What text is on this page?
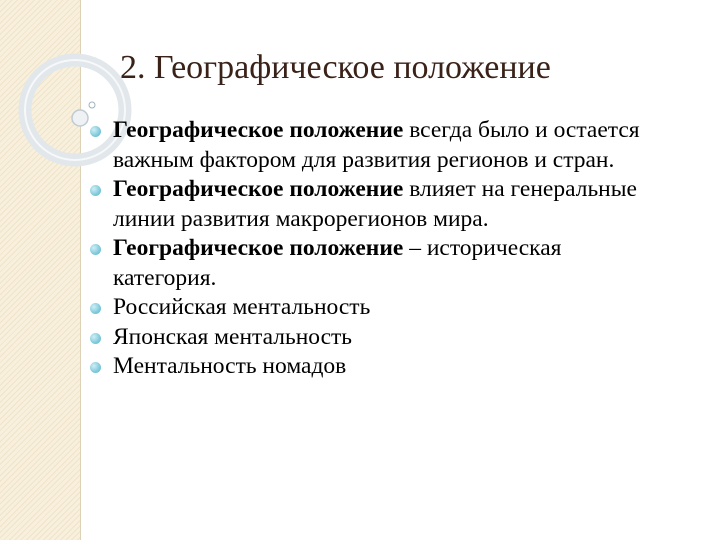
2. Географическое положение
Географическое положение всегда было и остается важным фактором для развития регионов и стран.
Географическое положение влияет на генеральные линии развития макрорегионов мира.
Географическое положение – историческая категория.
Российская ментальность
Японская ментальность
Ментальность номадов
